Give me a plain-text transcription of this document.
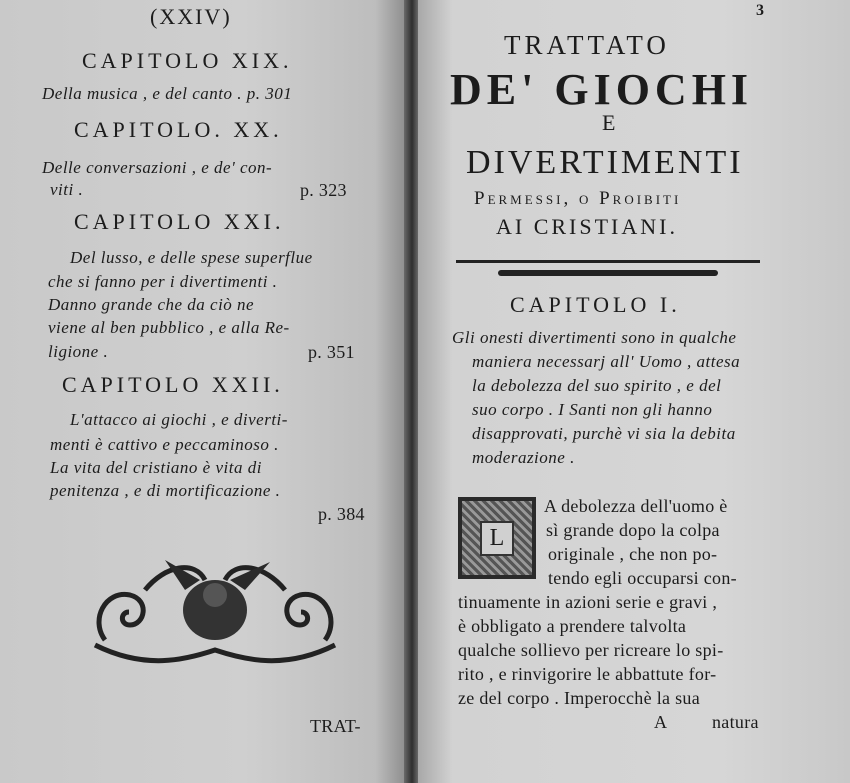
(XXIV)
CAPITOLO XIX.
Della musica , e del canto . p. 301
CAPITOLO. XX.
Delle conversazioni , e de' con-
viti .	p. 323
CAPITOLO XXI.
Del lusso, e delle spese superflue
che si fanno per i divertimenti .
Danno grande che da ciò ne
viene al ben pubblico , e alla Re-
ligione .	p. 351
CAPITOLO XXII.
L'attacco ai giochi , e diverti-
menti è cattivo e peccaminoso .
La vita del cristiano è vita di
penitenza , e di mortificazione .
p. 384
TRAT-
3
TRATTATO
DE' GIOCHI
E
DIVERTIMENTI
Permessi, o Proibiti
AI CRISTIANI.
CAPITOLO I.
Gli onesti divertimenti sono in qualche
maniera necessarj all' Uomo , attesa
la debolezza del suo spirito , e del
suo corpo . I Santi non gli hanno
disapprovati, purchè vi sia la debita
moderazione .
L
A debolezza dell'uomo è
sì grande dopo la colpa
originale , che non po-
tendo egli occuparsi con-
tinuamente in azioni serie e gravi ,
è obbligato a prendere talvolta
qualche sollievo per ricreare lo spi-
rito , e rinvigorire le abbattute for-
ze del corpo . Imperocchè la sua
A natura
